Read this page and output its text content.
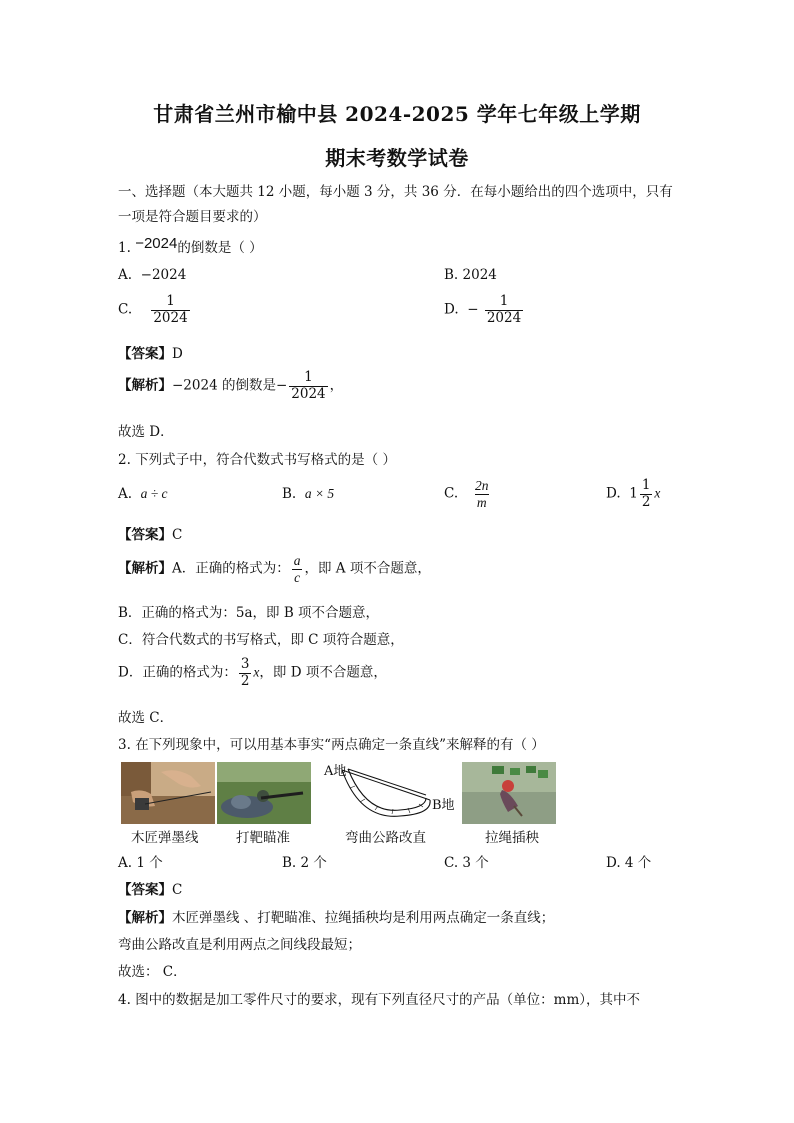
甘肃省兰州市榆中县 2024-2025 学年七年级上学期
期末考数学试卷
一、选择题（本大题共 12 小题，每小题 3 分，共 36 分．在每小题给出的四个选项中，只有
一项是符合题目要求的）
1. −2024的倒数是（ ）
A. −2024	B. 2024
C. $\frac{1}{2024}$	D. − $\frac{1}{2024}$
【答案】D
【解析】−2024 的倒数是− $\frac{1}{2024}$ ，
故选 D．
2. 下列式子中，符合代数式书写格式的是（ ）
A. a ÷ c	B. a × 5	C. $\frac{2n}{m}$	D. $1 \frac{1}{2}$ x
【答案】C
【解析】A．正确的格式为： $\frac{a}{c}$ ，即 A 项不合题意，
B．正确的格式为：5a，即 B 项不合题意，
C．符合代数式的书写格式，即 C 项符合题意，
D．正确的格式为： $\frac{3}{2}$ x，即 D 项不合题意，
故选 C．
3. 在下列现象中，可以用基本事实“两点确定一条直线”来解释的有（ ）
A地
B地
木匠弹墨线	打靶瞄准	弯曲公路改直	拉绳插秧
A. 1 个	B. 2 个	C. 3 个	D. 4 个
【答案】C
【解析】木匠弹墨线 、打靶瞄准、拉绳插秧均是利用两点确定一条直线；
弯曲公路改直是利用两点之间线段最短；
故选： C．
4. 图中的数据是加工零件尺寸的要求，现有下列直径尺寸的产品（单位：mm），其中不
